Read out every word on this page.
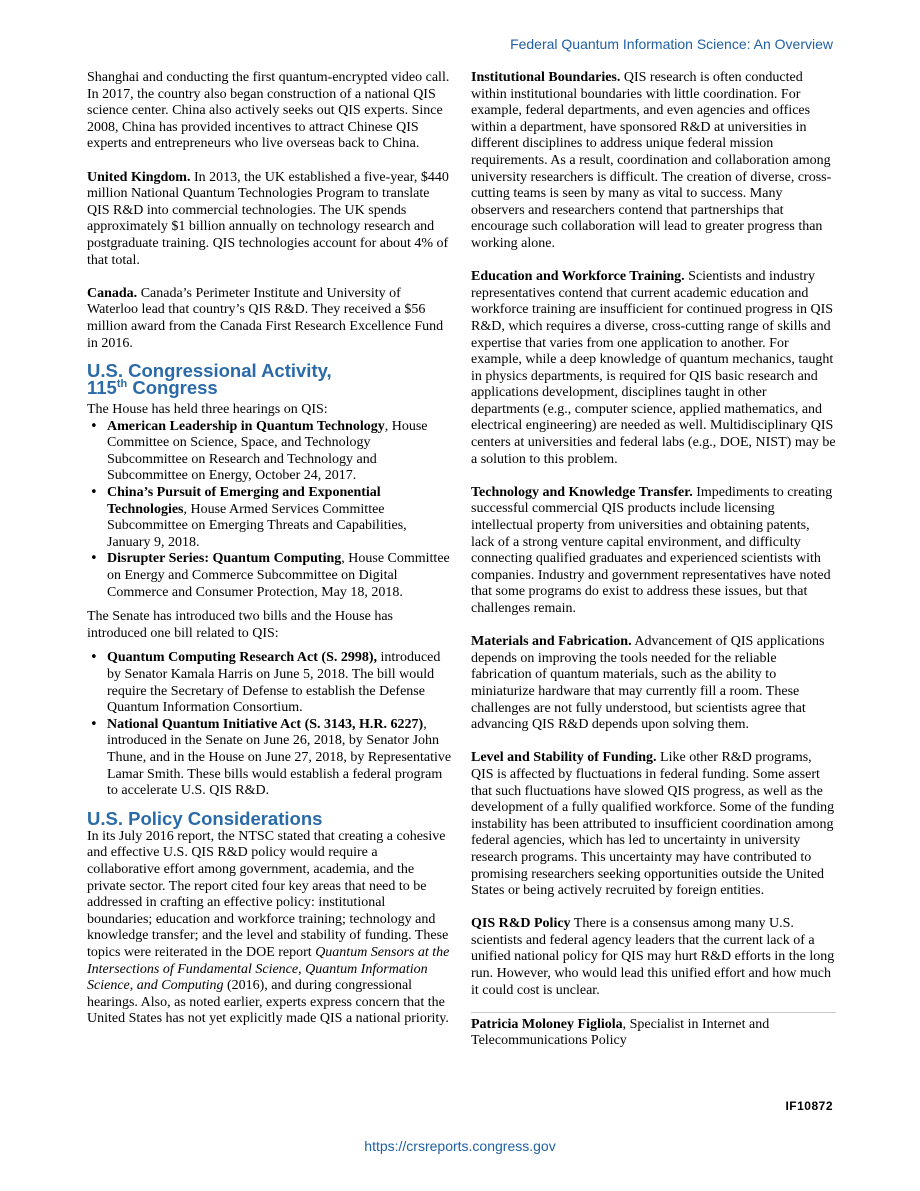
Federal Quantum Information Science: An Overview

Shanghai and conducting the first quantum-encrypted video call. In 2017, the country also began construction of a national QIS science center. China also actively seeks out QIS experts. Since 2008, China has provided incentives to attract Chinese QIS experts and entrepreneurs who live overseas back to China.

United Kingdom. In 2013, the UK established a five-year, $440 million National Quantum Technologies Program to translate QIS R&D into commercial technologies. The UK spends approximately $1 billion annually on technology research and postgraduate training. QIS technologies account for about 4% of that total.

Canada. Canada’s Perimeter Institute and University of Waterloo lead that country’s QIS R&D. They received a $56 million award from the Canada First Research Excellence Fund in 2016.

U.S. Congressional Activity,
115th Congress

The House has held three hearings on QIS:

• American Leadership in Quantum Technology, House Committee on Science, Space, and Technology Subcommittee on Research and Technology and Subcommittee on Energy, October 24, 2017.
• China’s Pursuit of Emerging and Exponential Technologies, House Armed Services Committee Subcommittee on Emerging Threats and Capabilities, January 9, 2018.
• Disrupter Series: Quantum Computing, House Committee on Energy and Commerce Subcommittee on Digital Commerce and Consumer Protection, May 18, 2018.

The Senate has introduced two bills and the House has introduced one bill related to QIS:

• Quantum Computing Research Act (S. 2998), introduced by Senator Kamala Harris on June 5, 2018. The bill would require the Secretary of Defense to establish the Defense Quantum Information Consortium.
• National Quantum Initiative Act (S. 3143, H.R. 6227), introduced in the Senate on June 26, 2018, by Senator John Thune, and in the House on June 27, 2018, by Representative Lamar Smith. These bills would establish a federal program to accelerate U.S. QIS R&D.
U.S. Policy Considerations

In its July 2016 report, the NTSC stated that creating a cohesive and effective U.S. QIS R&D policy would require a collaborative effort among government, academia, and the private sector. The report cited four key areas that need to be addressed in crafting an effective policy: institutional boundaries; education and workforce training; technology and knowledge transfer; and the level and stability of funding. These topics were reiterated in the DOE report Quantum Sensors at the Intersections of Fundamental Science, Quantum Information Science, and Computing (2016), and during congressional hearings. Also, as noted earlier, experts express concern that the United States has not yet explicitly made QIS a national priority.

Institutional Boundaries. QIS research is often conducted within institutional boundaries with little coordination. For example, federal departments, and even agencies and offices within a department, have sponsored R&D at universities in different disciplines to address unique federal mission requirements. As a result, coordination and collaboration among university researchers is difficult. The creation of diverse, cross-cutting teams is seen by many as vital to success. Many observers and researchers contend that partnerships that encourage such collaboration will lead to greater progress than working alone.

Education and Workforce Training. Scientists and industry representatives contend that current academic education and workforce training are insufficient for continued progress in QIS R&D, which requires a diverse, cross-cutting range of skills and expertise that varies from one application to another. For example, while a deep knowledge of quantum mechanics, taught in physics departments, is required for QIS basic research and applications development, disciplines taught in other departments (e.g., computer science, applied mathematics, and electrical engineering) are needed as well. Multidisciplinary QIS centers at universities and federal labs (e.g., DOE, NIST) may be a solution to this problem.

Technology and Knowledge Transfer. Impediments to creating successful commercial QIS products include licensing intellectual property from universities and obtaining patents, lack of a strong venture capital environment, and difficulty connecting qualified graduates and experienced scientists with companies. Industry and government representatives have noted that some programs do exist to address these issues, but that challenges remain.

Materials and Fabrication. Advancement of QIS applications depends on improving the tools needed for the reliable fabrication of quantum materials, such as the ability to miniaturize hardware that may currently fill a room. These challenges are not fully understood, but scientists agree that advancing QIS R&D depends upon solving them.

Level and Stability of Funding. Like other R&D programs, QIS is affected by fluctuations in federal funding. Some assert that such fluctuations have slowed QIS progress, as well as the development of a fully qualified workforce. Some of the funding instability has been attributed to insufficient coordination among federal agencies, which has led to uncertainty in university research programs. This uncertainty may have contributed to promising researchers seeking opportunities outside the United States or being actively recruited by foreign entities.

QIS R&D Policy There is a consensus among many U.S. scientists and federal agency leaders that the current lack of a unified national policy for QIS may hurt R&D efforts in the long run. However, who would lead this unified effort and how much it could cost is unclear.

Patricia Moloney Figliola, Specialist in Internet and Telecommunications Policy
IF10872
https://crsreports.congress.gov
